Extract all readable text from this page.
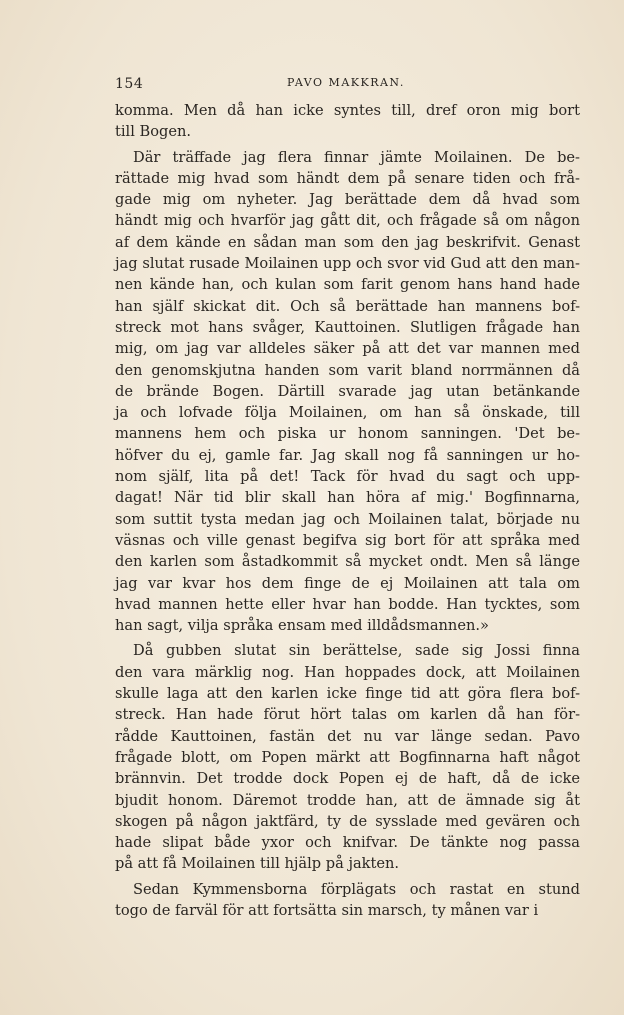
154	PAVO MAKKRAN.
komma. Men då han icke syntes till, dref oron mig bort
till Bogen.
Där träffade jag flera finnar jämte Moilainen. De be-
rättade mig hvad som händt dem på senare tiden och frå-
gade mig om nyheter. Jag berättade dem då hvad som
händt mig och hvarför jag gått dit, och frågade så om någon
af dem kände en sådan man som den jag beskrifvit. Genast
jag slutat rusade Moilainen upp och svor vid Gud att den man-
nen kände han, och kulan som farit genom hans hand hade
han själf skickat dit. Och så berättade han mannens bof-
streck mot hans svåger, Kauttoinen. Slutligen frågade han
mig, om jag var alldeles säker på att det var mannen med
den genomskjutna handen som varit bland norrmännen då
de brände Bogen. Därtill svarade jag utan betänkande
ja och lofvade följa Moilainen, om han så önskade, till
mannens hem och piska ur honom sanningen. 'Det be-
höfver du ej, gamle far. Jag skall nog få sanningen ur ho-
nom själf, lita på det! Tack för hvad du sagt och upp-
dagat! När tid blir skall han höra af mig.' Bogfinnarna,
som suttit tysta medan jag och Moilainen talat, började nu
väsnas och ville genast begifva sig bort för att språka med
den karlen som åstadkommit så mycket ondt. Men så länge
jag var kvar hos dem finge de ej Moilainen att tala om
hvad mannen hette eller hvar han bodde. Han tycktes, som
han sagt, vilja språka ensam med illdådsmannen.»
Då gubben slutat sin berättelse, sade sig Jossi finna
den vara märklig nog. Han hoppades dock, att Moilainen
skulle laga att den karlen icke finge tid att göra flera bof-
streck. Han hade förut hört talas om karlen då han för-
rådde Kauttoinen, fastän det nu var länge sedan. Pavo
frågade blott, om Popen märkt att Bogfinnarna haft något
brännvin. Det trodde dock Popen ej de haft, då de icke
bjudit honom. Däremot trodde han, att de ämnade sig åt
skogen på någon jaktfärd, ty de sysslade med gevären och
hade slipat både yxor och knifvar. De tänkte nog passa
på att få Moilainen till hjälp på jakten.
Sedan Kymmensborna förplägats och rastat en stund
togo de farväl för att fortsätta sin marsch, ty månen var i
